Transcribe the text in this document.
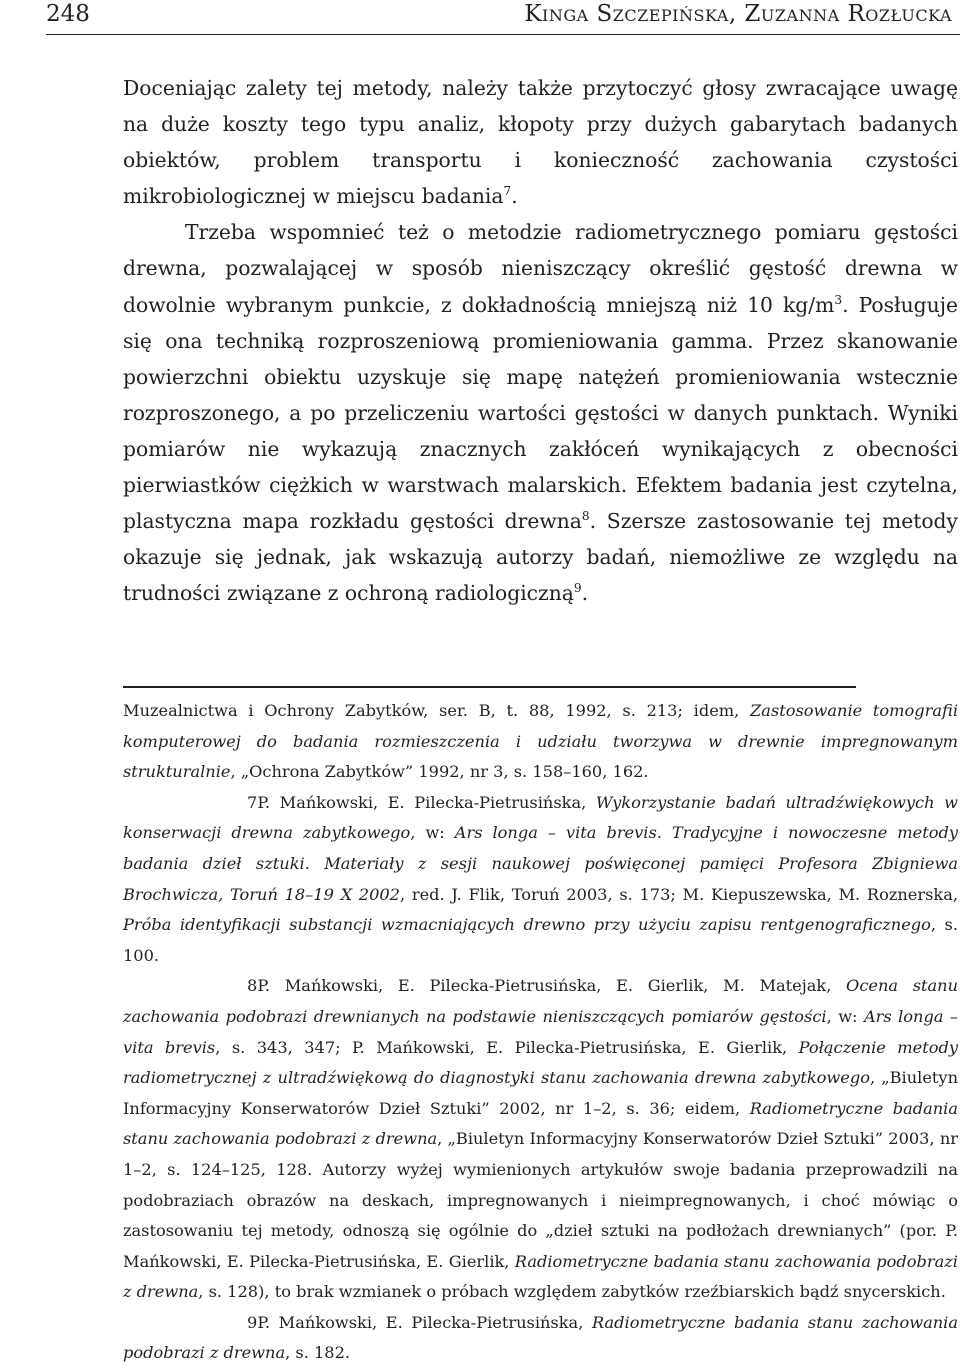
248	Kinga Szczepińska, Zuzanna Rozłucka

Doceniając zalety tej metody, należy także przytoczyć głosy zwracające uwagę na duże koszty tego typu analiz, kłopoty przy dużych gabarytach badanych obiektów, problem transportu i konieczność zachowania czystości mikrobiologicznej w miejscu badania$^7$.

Trzeba wspomnieć też o metodzie radiometrycznego pomiaru gęstości drewna, pozwalającej w sposób nieniszczący określić gęstość drewna w dowolnie wybranym punkcie, z dokładnością mniejszą niż 10 $kg/m^3$. Posługuje się ona techniką rozproszeniową promieniowania gamma. Przez skanowanie powierzchni obiektu uzyskuje się mapę natężeń promieniowania wstecznie rozproszonego, a po przeliczeniu wartości gęstości w danych punktach. Wyniki pomiarów nie wykazują znacznych zakłóceń wynikających z obecności pierwiastków ciężkich w warstwach malarskich. Efektem badania jest czytelna, plastyczna mapa rozkładu gęstości drewna$^8$. Szersze zastosowanie tej metody okazuje się jednak, jak wskazują autorzy badań, niemożliwe ze względu na trudności związane z ochroną radiologiczną$^9$.

Muzealnictwa i Ochrony Zabytków, ser. B, t. 88, 1992, s. 213; idem, Zastosowanie tomografii komputerowej do badania rozmieszczenia i udziału tworzywa w drewnie impregnowanym strukturalnie, „Ochrona Zabytków” 1992, nr 3, s. 158–160, 162.

7P. Mańkowski, E. Pilecka-Pietrusińska, Wykorzystanie badań ultradźwiękowych w konserwacji drewna zabytkowego, w: Ars longa – vita brevis. Tradycyjne i nowoczesne metody badania dzieł sztuki. Materiały z sesji naukowej poświęconej pamięci Profesora Zbigniewa Brochwicza, Toruń 18–19 X 2002, red. J. Flik, Toruń 2003, s. 173; M. Kiepuszewska, M. Roznerska, Próba identyfikacji substancji wzmacniających drewno przy użyciu zapisu rentgenograficznego, s. 100.

8P. Mańkowski, E. Pilecka-Pietrusińska, E. Gierlik, M. Matejak, Ocena stanu zachowania podobrazi drewnianych na podstawie nieniszczących pomiarów gęstości, w: Ars longa – vita brevis, s. 343, 347; P. Mańkowski, E. Pilecka-Pietrusińska, E. Gierlik, Połączenie metody radiometrycznej z ultradźwiękową do diagnostyki stanu zachowania drewna zabytkowego, „Biuletyn Informacyjny Konserwatorów Dzieł Sztuki” 2002, nr 1–2, s. 36; eidem, Radiometryczne badania stanu zachowania podobrazi z drewna, „Biuletyn Informacyjny Konserwatorów Dzieł Sztuki” 2003, nr 1–2, s. 124–125, 128. Autorzy wyżej wymienionych artykułów swoje badania przeprowadzili na podobraziach obrazów na deskach, impregnowanych i nieimpregnowanych, i choć mówiąc o zastosowaniu tej metody, odnoszą się ogólnie do „dzieł sztuki na podłożach drewnianych” (por. P. Mańkowski, E. Pilecka-Pietrusińska, E. Gierlik, Radiometryczne badania stanu zachowania podobrazi z drewna, s. 128), to brak wzmianek o próbach względem zabytków rzeźbiarskich bądź snycerskich.

9P. Mańkowski, E. Pilecka-Pietrusińska, Radiometryczne badania stanu zachowania podobrazi z drewna, s. 182.
